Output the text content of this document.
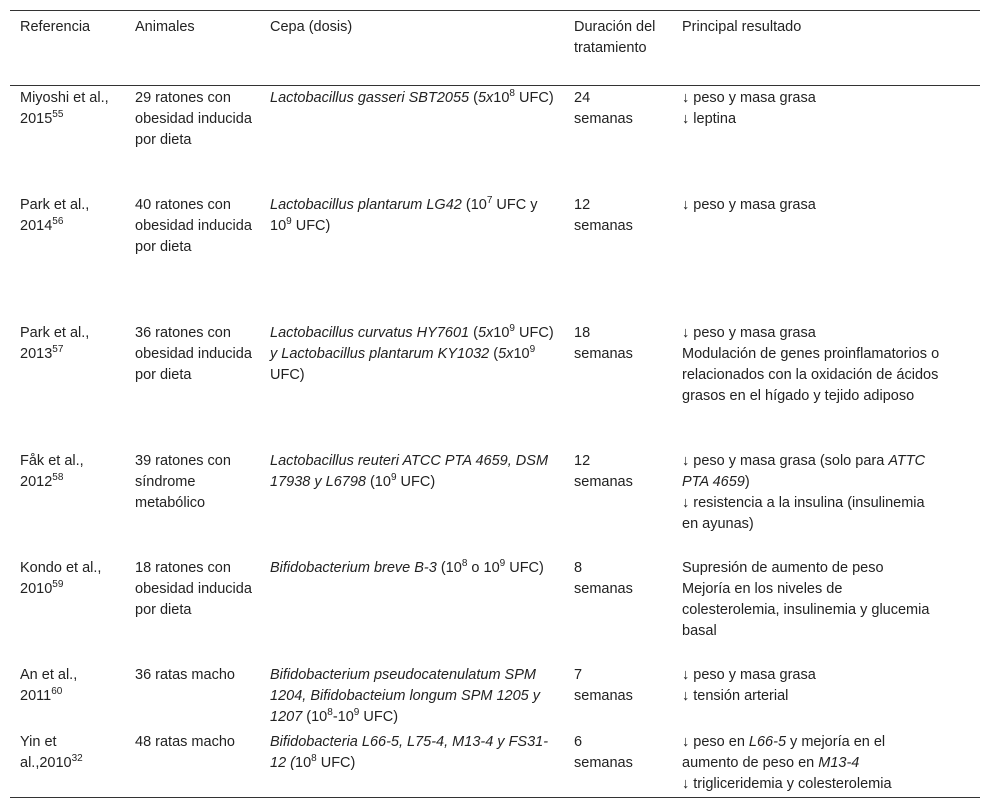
Referencia	Animales	Cepa (dosis)	Duración del tratamiento	Principal resultado
Miyoshi et al., 2015$^{55}$	29 ratones con obesidad inducida por dieta	Lactobacillus gasseri SBT2055 ($5x10^8$ UFC)	24 semanas	↓ peso y masa grasa
↓ leptina

Park et al., 2014$^{56}$	40 ratones con obesidad inducida por dieta	Lactobacillus plantarum LG42 ($10^7$ UFC y $10^9$ UFC)	12 semanas	↓ peso y masa grasa

Park et al., 2013$^{57}$	36 ratones con obesidad inducida por dieta	Lactobacillus curvatus HY7601 ($5x10^9$ UFC) y Lactobacillus plantarum KY1032 ($5x10^9$ UFC)	18 semanas	↓ peso y masa grasa
Modulación de genes proinflamatorios o relacionados con la oxidación de ácidos grasos en el hígado y tejido adiposo

Fåk et al., 2012$^{58}$	39 ratones con síndrome metabólico	Lactobacillus reuteri ATCC PTA 4659, DSM 17938 y L6798 ($10^9$ UFC)	12 semanas	↓ peso y masa grasa (solo para ATTC PTA 4659)
↓ resistencia a la insulina (insulinemia en ayunas)

Kondo et al., 2010$^{59}$	18 ratones con obesidad inducida por dieta	Bifidobacterium breve B-3 ($10^8$ o $10^9$ UFC)	8 semanas	Supresión de aumento de peso
Mejoría en los niveles de colesterolemia, insulinemia y glucemia basal

An et al., 2011$^{60}$	36 ratas macho	Bifidobacterium pseudocatenulatum SPM 1204, Bifidobacteium longum SPM 1205 y 1207 ($10^8-10^9$ UFC)	7 semanas	↓ peso y masa grasa
↓ tensión arterial

Yin et al.,2010$^{32}$	48 ratas macho	Bifidobacteria L66-5, L75-4, M13-4 y FS31-12 ($10^8$ UFC)	6 semanas	↓ peso en L66-5 y mejoría en el aumento de peso en M13-4
↓ trigliceridemia y colesterolemia
